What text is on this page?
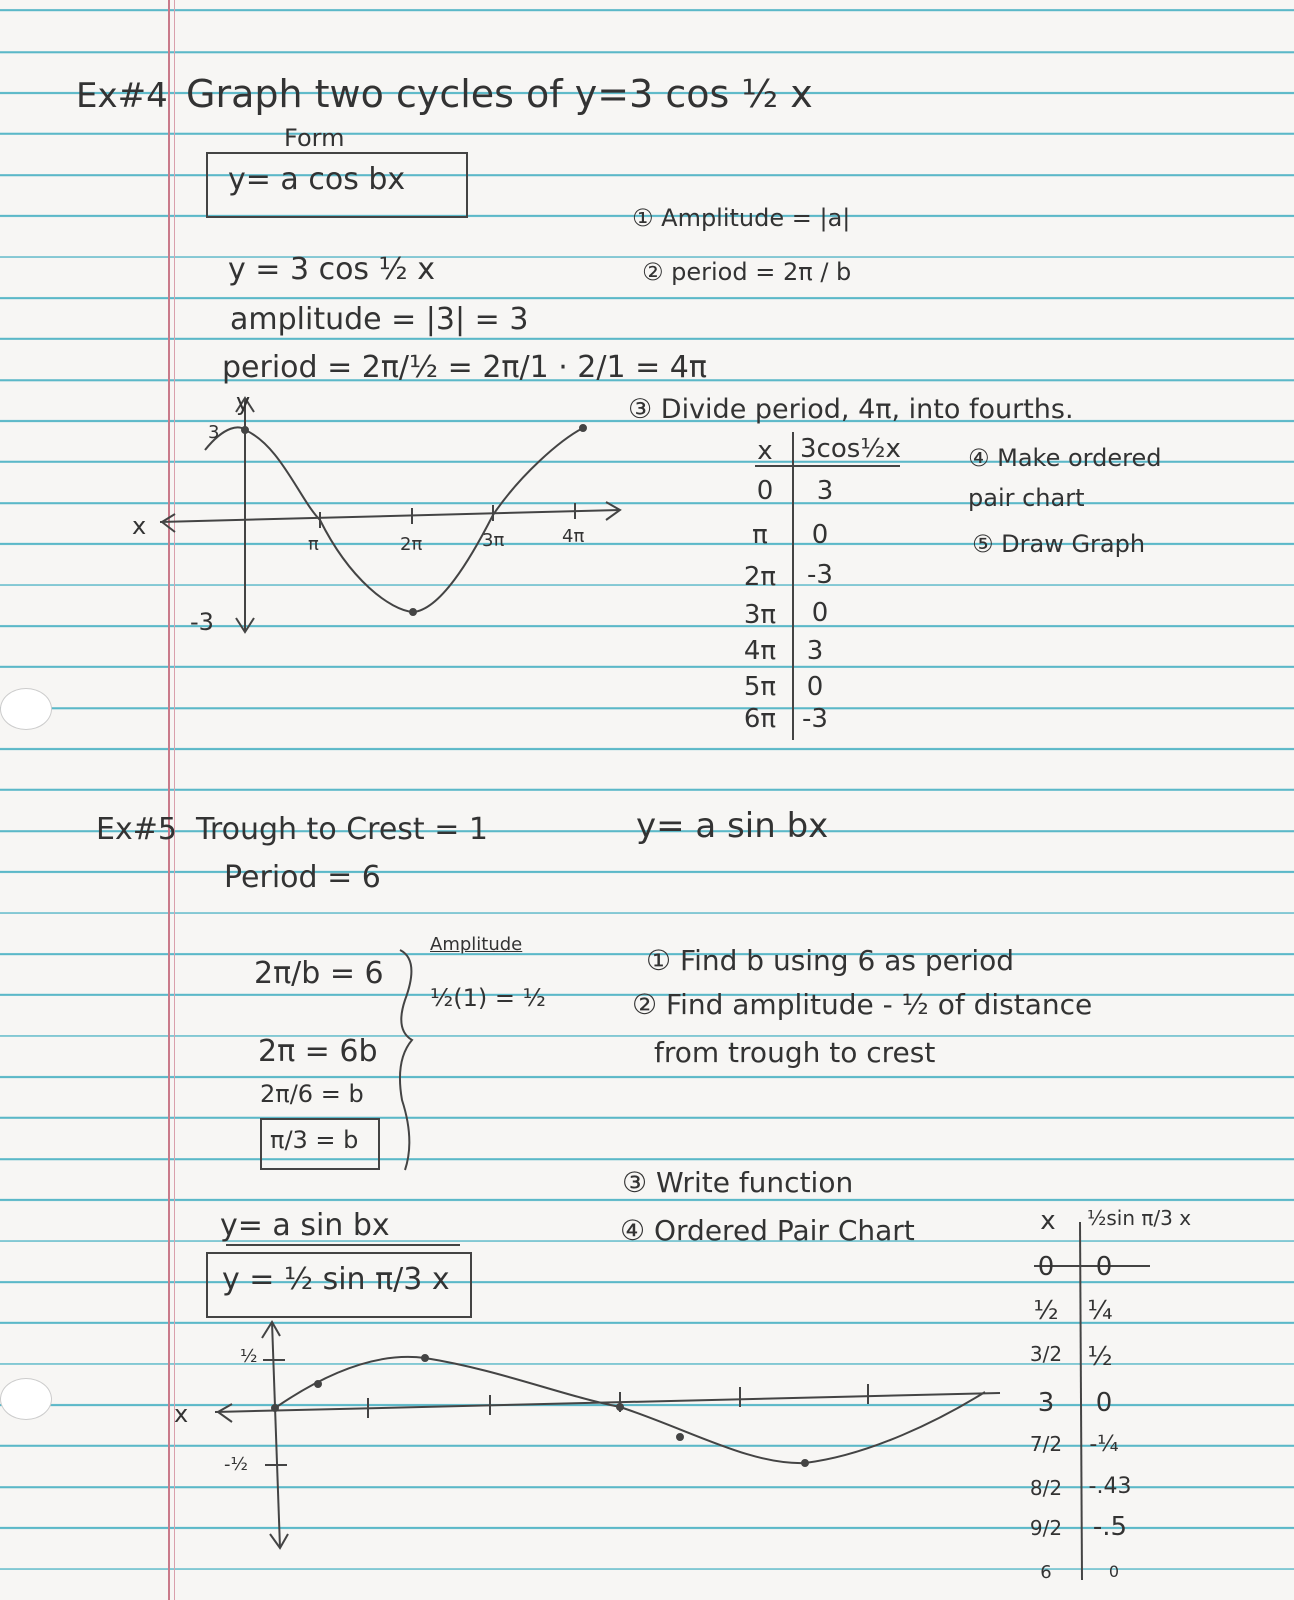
Ex#4 Graph two cycles of y=3 cos ½ x
Form
y= a cos bx
y = 3 cos ½ x
amplitude = |3| = 3
period = 2π/½ = 2π/1 · 2/1 = 4π
① Amplitude = |a|
② period = 2π / b
③ Divide period, 4π, into fourths.
④ Make ordered pair chart
⑤ Draw Graph
y
x
3
-3
π	2π	3π	4π
x	3cos½x
0	3
π	0
2π	-3
3π	0
4π	3
5π	0
6π -3
Ex#5 Trough to Crest = 1
Period = 6
y= a sin bx
2π/b = 6
2π = 6b
2π/6 = b
π/3 = b
Amplitude
½(1) = ½
① Find b using 6 as period
② Find amplitude - ½ of distance
from trough to crest
③ Write function
④ Ordered Pair Chart
y= a sin bx
y = ½ sin π/3 x
x
½
-½
x	½sin π/3 x
0	0
½	¼
3/2 ½
3	0
7/2	-¼
8/2	-.43
9/2	-.5
6	0
